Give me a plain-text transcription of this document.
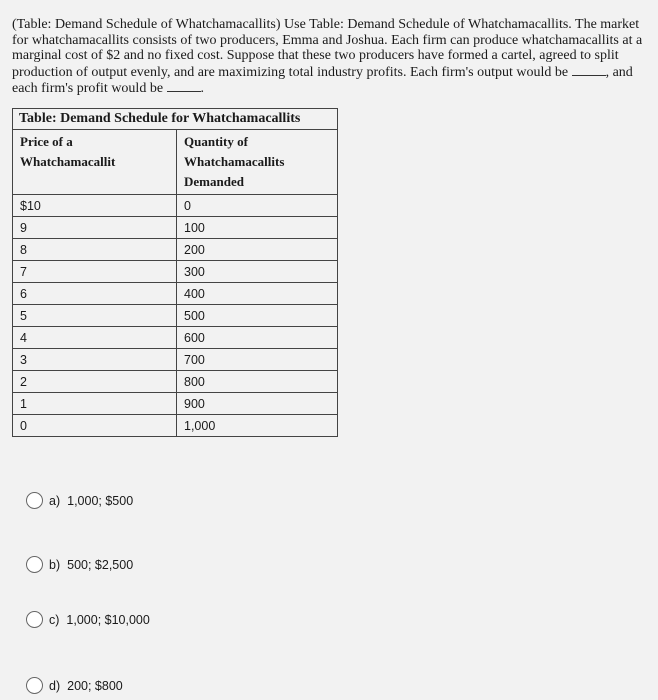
(Table: Demand Schedule of Whatchamacallits) Use Table: Demand Schedule of Whatchamacallits. The market for whatchamacallits consists of two producers, Emma and Joshua. Each firm can produce whatchamacallits at a marginal cost of $2 and no fixed cost. Suppose that these two producers have formed a cartel, agreed to split production of output evenly, and are maximizing total industry profits. Each firm's output would be	, and each firm's profit would be	.
Table: Demand Schedule for Whatchamacallits
Price of a Whatchamacallit	Quantity of Whatchamacallits Demanded
$10	0
9	100
8	200
7	300
6	400
5	500
4	600
3	700
2	800
1	900
0	1,000
a) 1,000; $500
b) 500; $2,500
c) 1,000; $10,000
d) 200; $800
